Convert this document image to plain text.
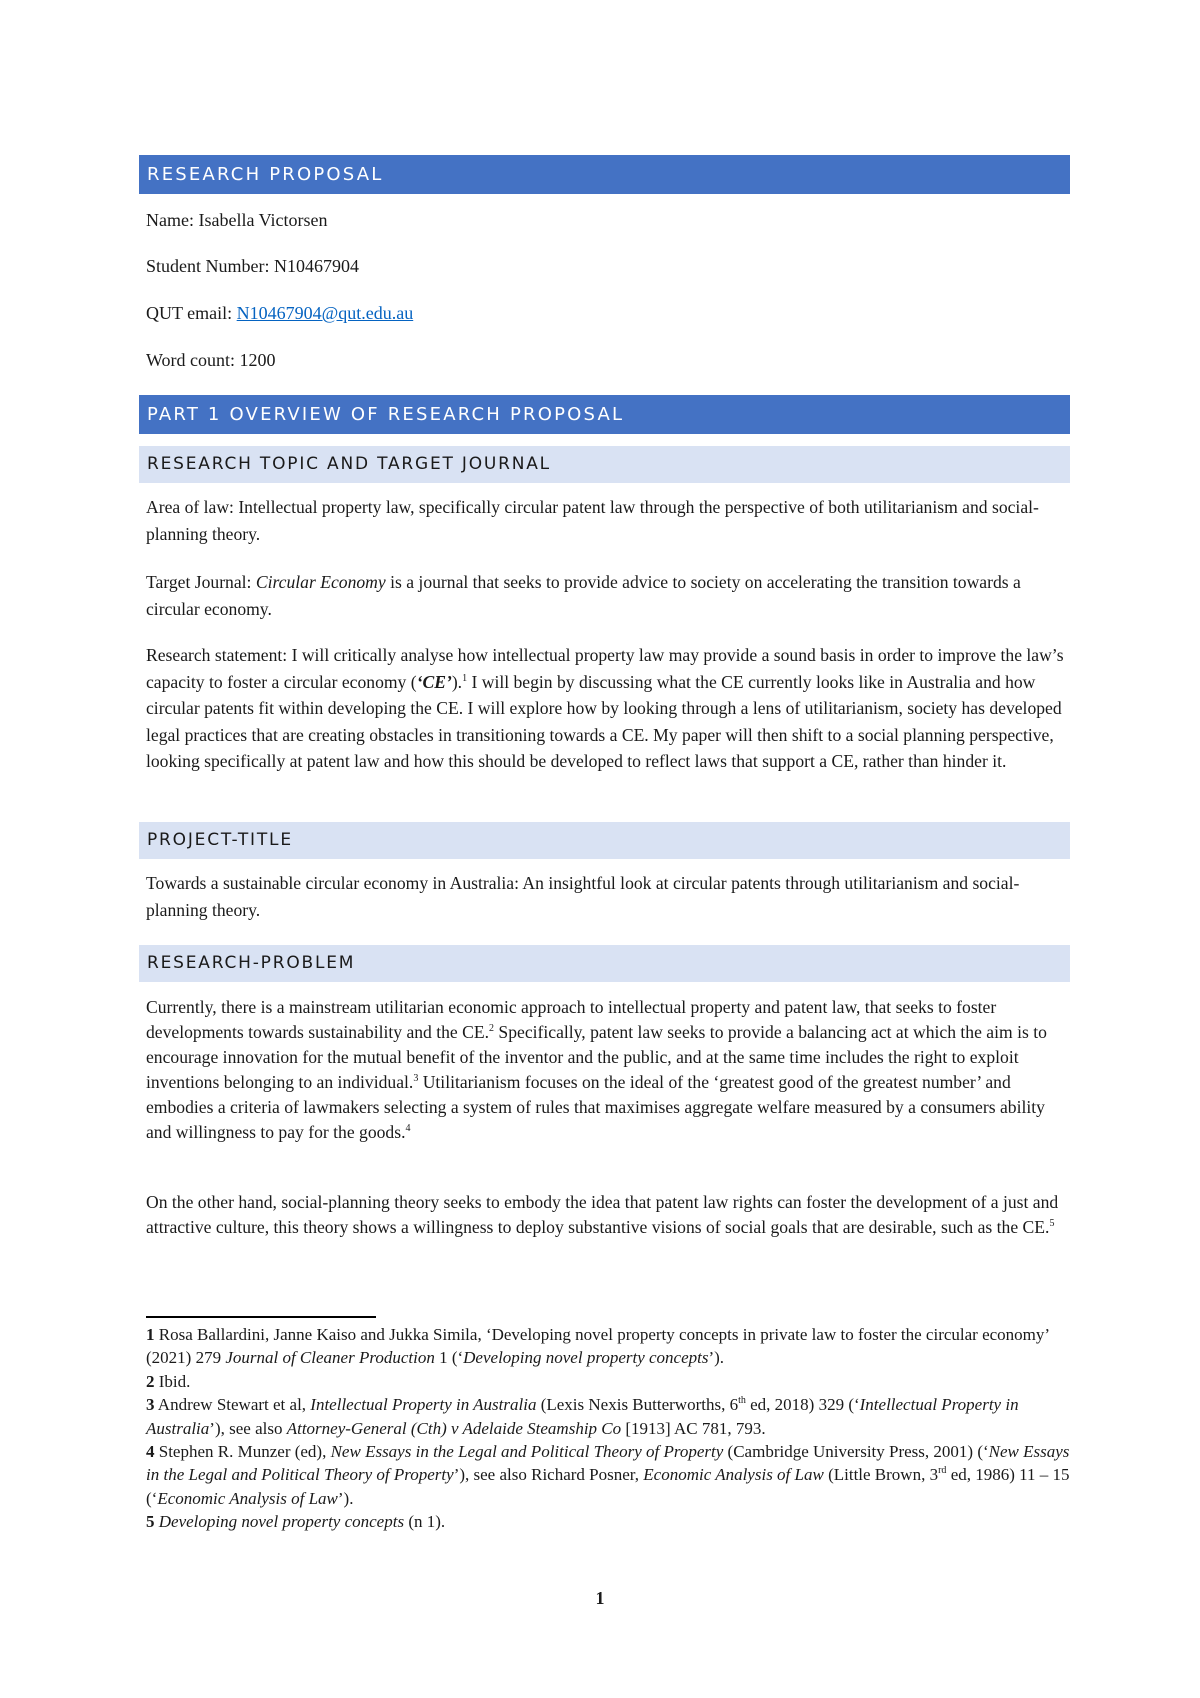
RESEARCH PROPOSAL
Name: Isabella Victorsen
Student Number: N10467904
QUT email: N10467904@qut.edu.au
Word count: 1200
PART 1 OVERVIEW OF RESEARCH PROPOSAL
RESEARCH TOPIC AND TARGET JOURNAL
Area of law: Intellectual property law, specifically circular patent law through the perspective of both utilitarianism and social-planning theory.
Target Journal: Circular Economy is a journal that seeks to provide advice to society on accelerating the transition towards a circular economy.
Research statement: I will critically analyse how intellectual property law may provide a sound basis in order to improve the law’s capacity to foster a circular economy (‘CE’).$^1$ I will begin by discussing what the CE currently looks like in Australia and how circular patents fit within developing the CE. I will explore how by looking through a lens of utilitarianism, society has developed legal practices that are creating obstacles in transitioning towards a CE. My paper will then shift to a social planning perspective, looking specifically at patent law and how this should be developed to reflect laws that support a CE, rather than hinder it.
PROJECT-TITLE
Towards a sustainable circular economy in Australia: An insightful look at circular patents through utilitarianism and social-planning theory.
RESEARCH-PROBLEM
Currently, there is a mainstream utilitarian economic approach to intellectual property and patent law, that seeks to foster developments towards sustainability and the CE.$^2$ Specifically, patent law seeks to provide a balancing act at which the aim is to encourage innovation for the mutual benefit of the inventor and the public, and at the same time includes the right to exploit inventions belonging to an individual.$^3$ Utilitarianism focuses on the ideal of the ‘greatest good of the greatest number’ and embodies a criteria of lawmakers selecting a system of rules that maximises aggregate welfare measured by a consumers ability and willingness to pay for the goods.$^4$
On the other hand, social-planning theory seeks to embody the idea that patent law rights can foster the development of a just and attractive culture, this theory shows a willingness to deploy substantive visions of social goals that are desirable, such as the CE.$^5$

1 Rosa Ballardini, Janne Kaiso and Jukka Simila, ‘Developing novel property concepts in private law to foster the circular economy’ (2021) 279 Journal of Cleaner Production 1 (‘Developing novel property concepts’).

2 Ibid.

3 Andrew Stewart et al, Intellectual Property in Australia (Lexis Nexis Butterworths, 6th ed, 2018) 329 (‘Intellectual Property in Australia’), see also Attorney-General (Cth) v Adelaide Steamship Co [1913] AC 781, 793.

4 Stephen R. Munzer (ed), New Essays in the Legal and Political Theory of Property (Cambridge University Press, 2001) (‘New Essays in the Legal and Political Theory of Property’), see also Richard Posner, Economic Analysis of Law (Little Brown, 3rd ed, 1986) 11 – 15 (‘Economic Analysis of Law’).

5 Developing novel property concepts (n 1).

1
